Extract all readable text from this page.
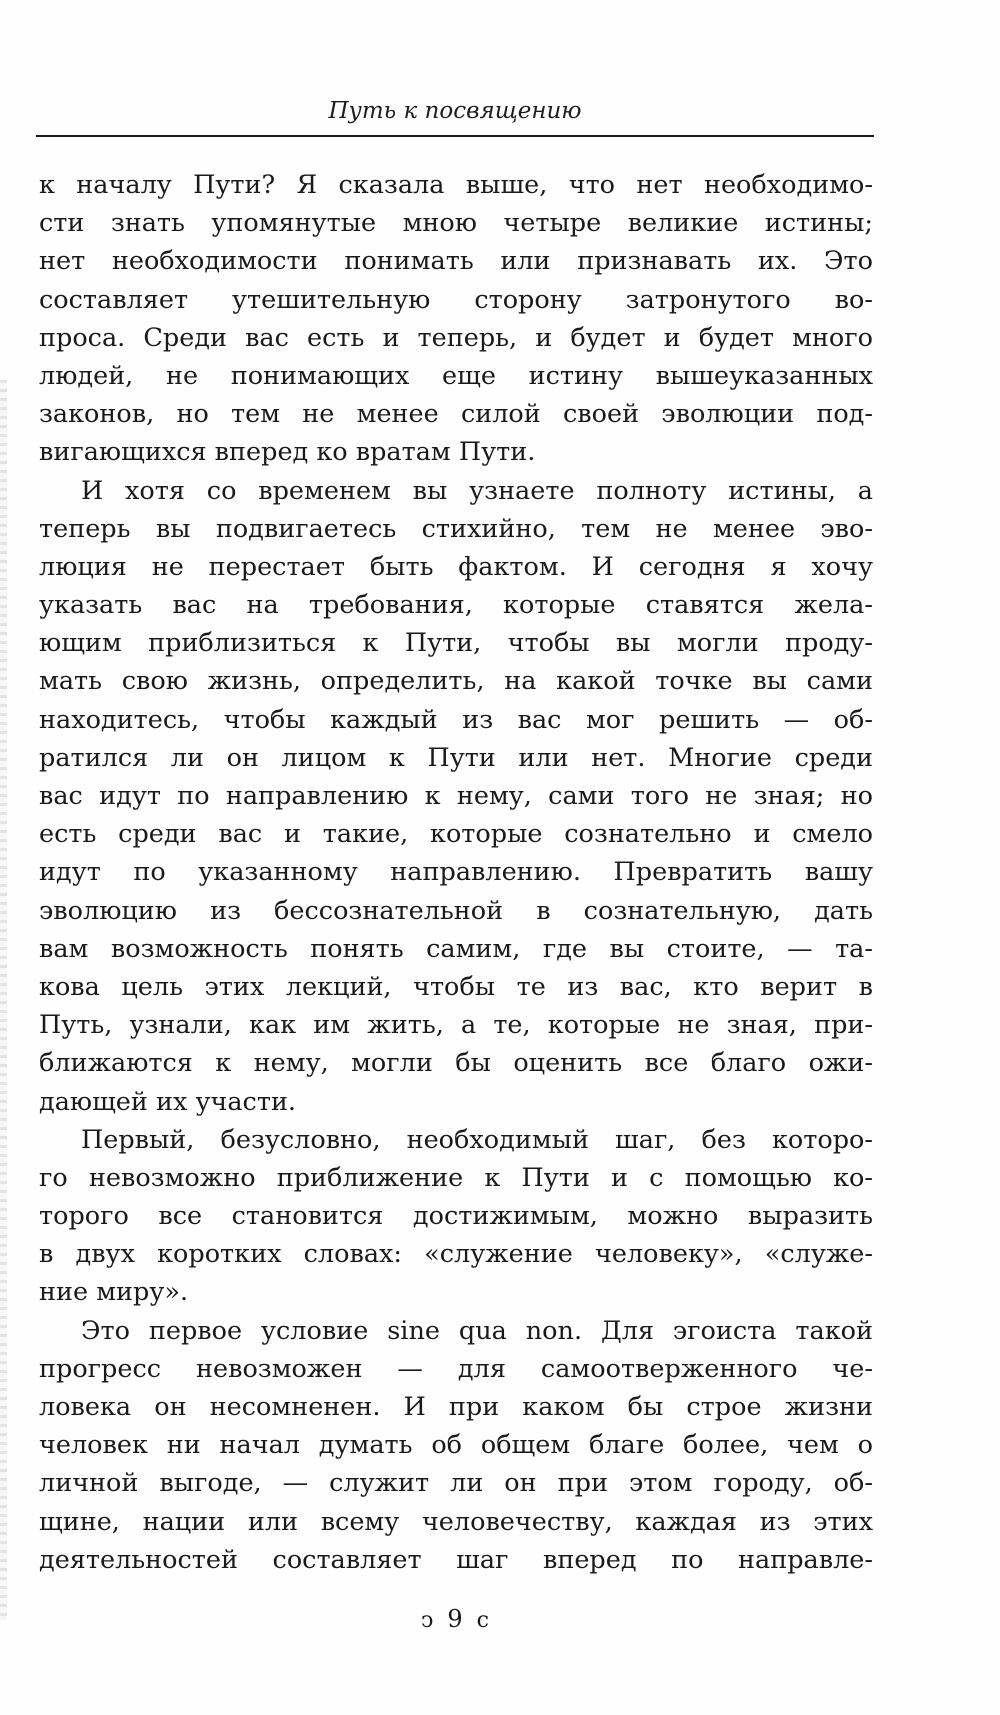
Путь к посвящению

к началу Пути? Я сказала выше, что нет необходимо-
сти знать упомянутые мною четыре великие истины;
нет необходимости понимать или признавать их. Это
составляет утешительную сторону затронутого во-
проса. Среди вас есть и теперь, и будет и будет много
людей, не понимающих еще истину вышеуказанных
законов, но тем не менее силой своей эволюции под-
вигающихся вперед ко вратам Пути.

И хотя со временем вы узнаете полноту истины, а
теперь вы подвигаетесь стихийно, тем не менее эво-
люция не перестает быть фактом. И сегодня я хочу
указать вас на требования, которые ставятся жела-
ющим приблизиться к Пути, чтобы вы могли проду-
мать свою жизнь, определить, на какой точке вы сами
находитесь, чтобы каждый из вас мог решить — об-
ратился ли он лицом к Пути или нет. Многие среди
вас идут по направлению к нему, сами того не зная; но
есть среди вас и такие, которые сознательно и смело
идут по указанному направлению. Превратить вашу
эволюцию из бессознательной в сознательную, дать
вам возможность понять самим, где вы стоите, — та-
кова цель этих лекций, чтобы те из вас, кто верит в
Путь, узнали, как им жить, а те, которые не зная, при-
ближаются к нему, могли бы оценить все благо ожи-
дающей их участи.

Первый, безусловно, необходимый шаг, без которо-
го невозможно приближение к Пути и с помощью ко-
торого все становится достижимым, можно выразить
в двух коротких словах: «служение человеку», «служе-
ние миру».

Это первое условие sine qua non. Для эгоиста такой
прогресс невозможен — для самоотверженного че-
ловека он несомненен. И при каком бы строе жизни
человек ни начал думать об общем благе более, чем о
личной выгоде, — служит ли он при этом городу, об-
щине, нации или всему человечеству, каждая из этих
деятельностей составляет шаг вперед по направле-

ↄ 9 c
